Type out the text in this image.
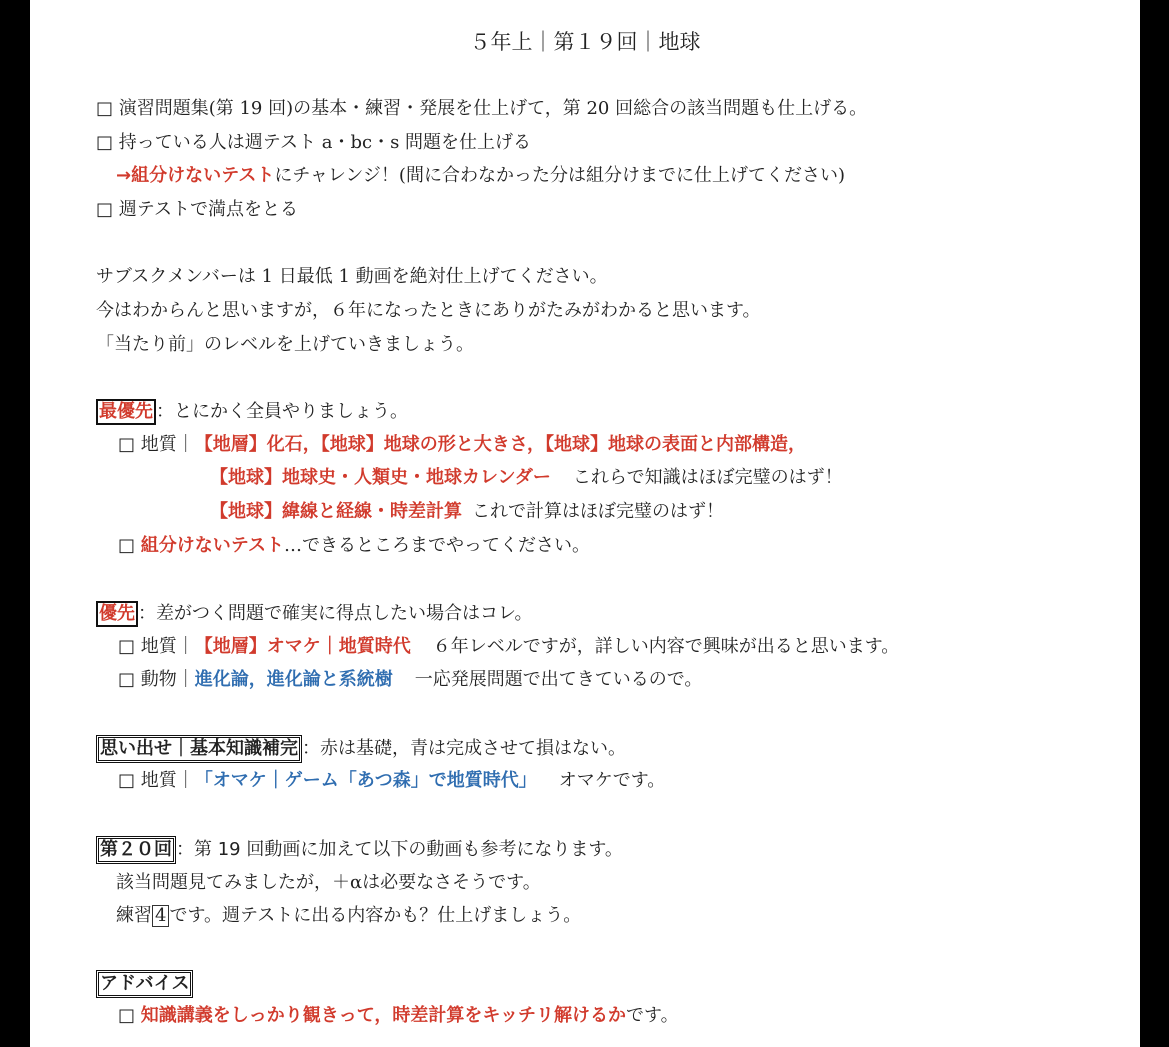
５年上｜第１９回｜地球
□ 演習問題集(第 19 回)の基本・練習・発展を仕上げて，第 20 回総合の該当問題も仕上げる。
□ 持っている人は週テスト a・bc・s 問題を仕上げる
→組分けないテストにチャレンジ！(間に合わなかった分は組分けまでに仕上げてください)
□ 週テストで満点をとる
サブスクメンバーは 1 日最低 1 動画を絶対仕上げてください。
今はわからんと思いますが，６年になったときにありがたみがわかると思います。
「当たり前」のレベルを上げていきましょう。
最優先 ：とにかく全員やりましょう。
□ 地質｜【地層】化石，【地球】地球の形と大きさ，【地球】地球の表面と内部構造，
【地球】地球史・人類史・地球カレンダー これらで知識はほぼ完璧のはず！
【地球】緯線と経線・時差計算 これで計算はほぼ完璧のはず！
□ 組分けないテスト…できるところまでやってください。
優先 ：差がつく問題で確実に得点したい場合はコレ。
□ 地質｜【地層】オマケ｜地質時代 ６年レベルですが，詳しい内容で興味が出ると思います。
□ 動物｜進化論，進化論と系統樹 一応発展問題で出てきているので。
思い出せ｜基本知識補完 ：赤は基礎，青は完成させて損はない。
□ 地質｜「オマケ｜ゲーム「あつ森」で地質時代」 オマケです。
第２０回 ：第 19 回動画に加えて以下の動画も参考になります。
該当問題見てみましたが，＋αは必要なさそうです。
練習 4 です。週テストに出る内容かも？仕上げましょう。
アドバイス
□ 知識講義をしっかり観きって，時差計算をキッチリ解けるかです。
